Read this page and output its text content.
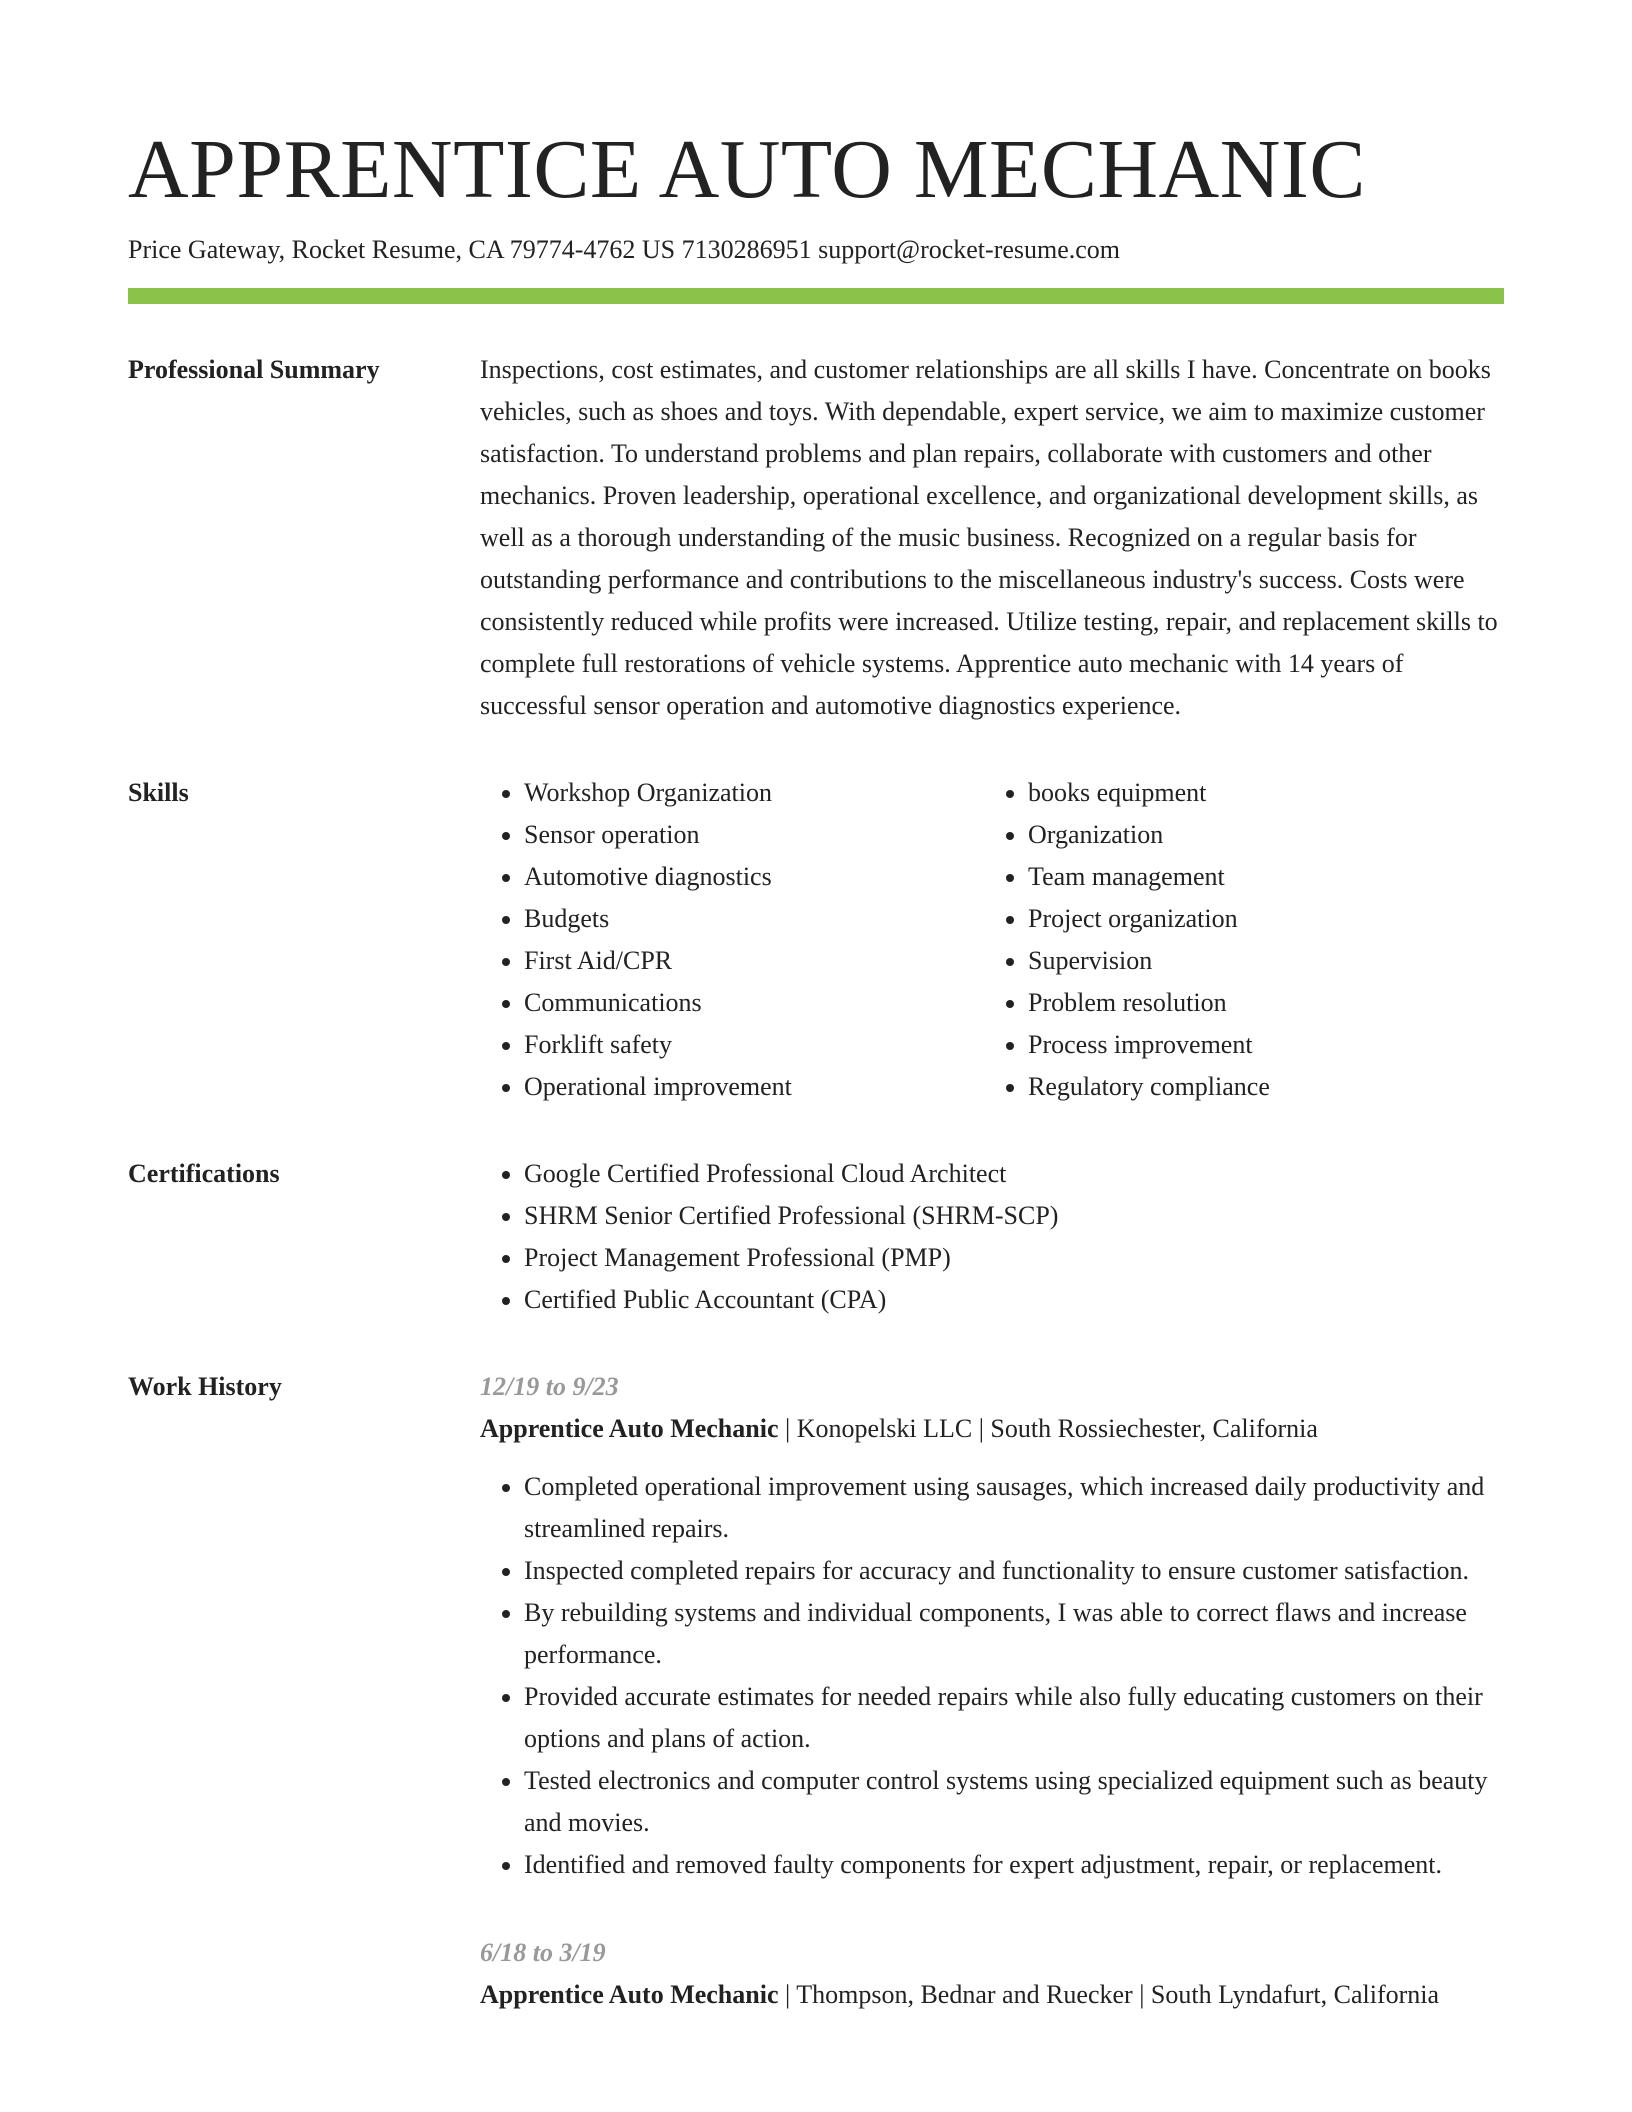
APPRENTICE AUTO MECHANIC
Price Gateway, Rocket Resume, CA 79774-4762 US 7130286951 support@rocket-resume.com
Professional Summary	Inspections, cost estimates, and customer relationships are all skills I have. Concentrate on books vehicles, such as shoes and toys. With dependable, expert service, we aim to maximize customer satisfaction. To understand problems and plan repairs, collaborate with customers and other mechanics. Proven leadership, operational excellence, and organizational development skills, as well as a thorough understanding of the music business. Recognized on a regular basis for outstanding performance and contributions to the miscellaneous industry's success. Costs were consistently reduced while profits were increased. Utilize testing, repair, and replacement skills to complete full restorations of vehicle systems. Apprentice auto mechanic with 14 years of successful sensor operation and automotive diagnostics experience.

Skills	• Workshop Organization
• Sensor operation
• Automotive diagnostics
• Budgets
• First Aid/CPR
• Communications
• Forklift safety
• Operational improvement
• books equipment
• Organization
• Team management
• Project organization
• Supervision
• Problem resolution
• Process improvement
• Regulatory compliance
Certifications	• Google Certified Professional Cloud Architect
• SHRM Senior Certified Professional (SHRM-SCP)
• Project Management Professional (PMP)
• Certified Public Accountant (CPA)
Work History	12/19 to 9/23
Apprentice Auto Mechanic | Konopelski LLC | South Rossiechester, California
• Completed operational improvement using sausages, which increased daily productivity and streamlined repairs.
• Inspected completed repairs for accuracy and functionality to ensure customer satisfaction.
• By rebuilding systems and individual components, I was able to correct flaws and increase performance.
• Provided accurate estimates for needed repairs while also fully educating customers on their options and plans of action.
• Tested electronics and computer control systems using specialized equipment such as beauty and movies.
• Identified and removed faulty components for expert adjustment, repair, or replacement.
6/18 to 3/19
Apprentice Auto Mechanic | Thompson, Bednar and Ruecker | South Lyndafurt, California
